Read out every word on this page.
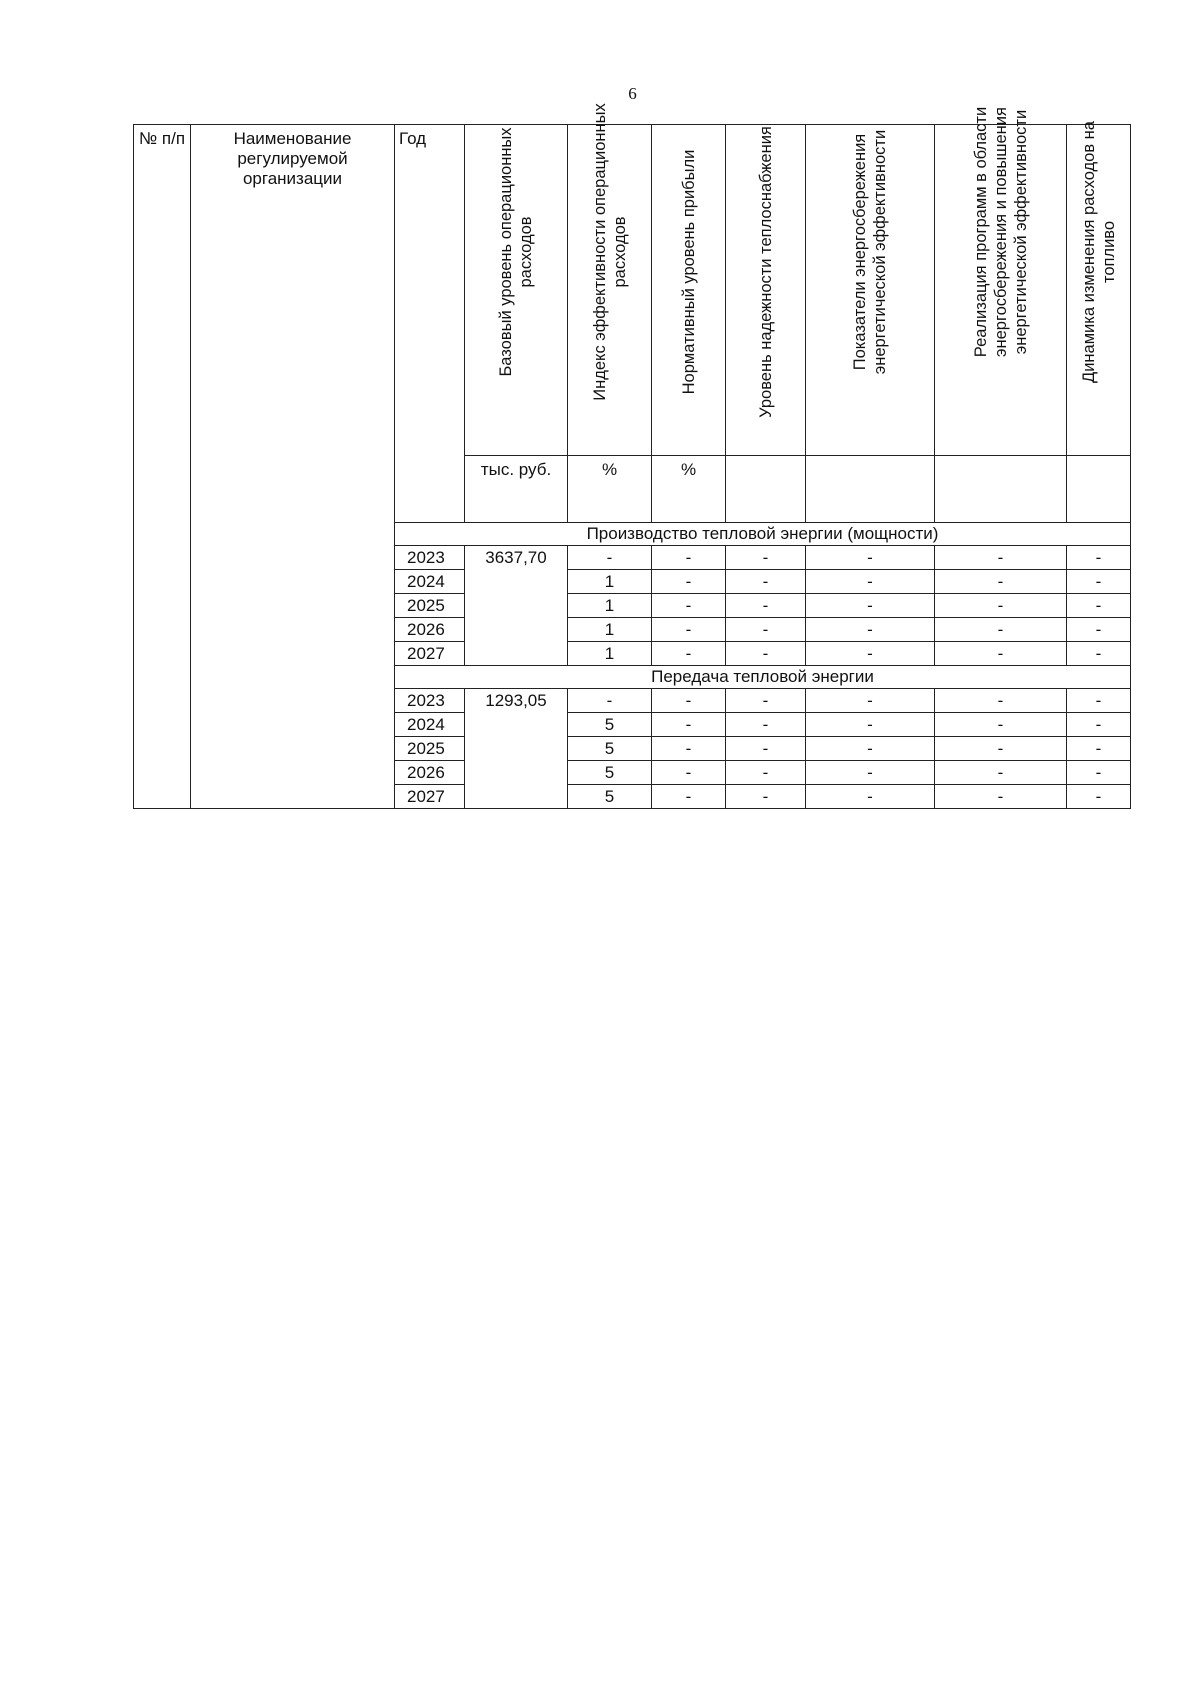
6
№ п/п	Наименование регулируемой организации	Год	Базовый уровень операционных расходов	Индекс эффективности операционных расходов	Нормативный уровень прибыли	Уровень надежности теплоснабжения	Показатели энергосбережения энергетической эффективности	Реализация программ в области энергосбережения и повышения энергетической эффективности	Динамика изменения расходов на топливо

			тыс. руб.	%	%				
		Производство тепловой энергии (мощности)							
		2023	3637,70	-	-	-	-	-	-
		2024		1	-	-	-	-	-
		2025		1	-	-	-	-	-
		2026		1	-	-	-	-	-
		2027		1	-	-	-	-	-
		Передача тепловой энергии							
		2023	1293,05	-	-	-	-	-	-
		2024		5	-	-	-	-	-
		2025		5	-	-	-	-	-
		2026		5	-	-	-	-	-
		2027		5	-	-	-	-	-
